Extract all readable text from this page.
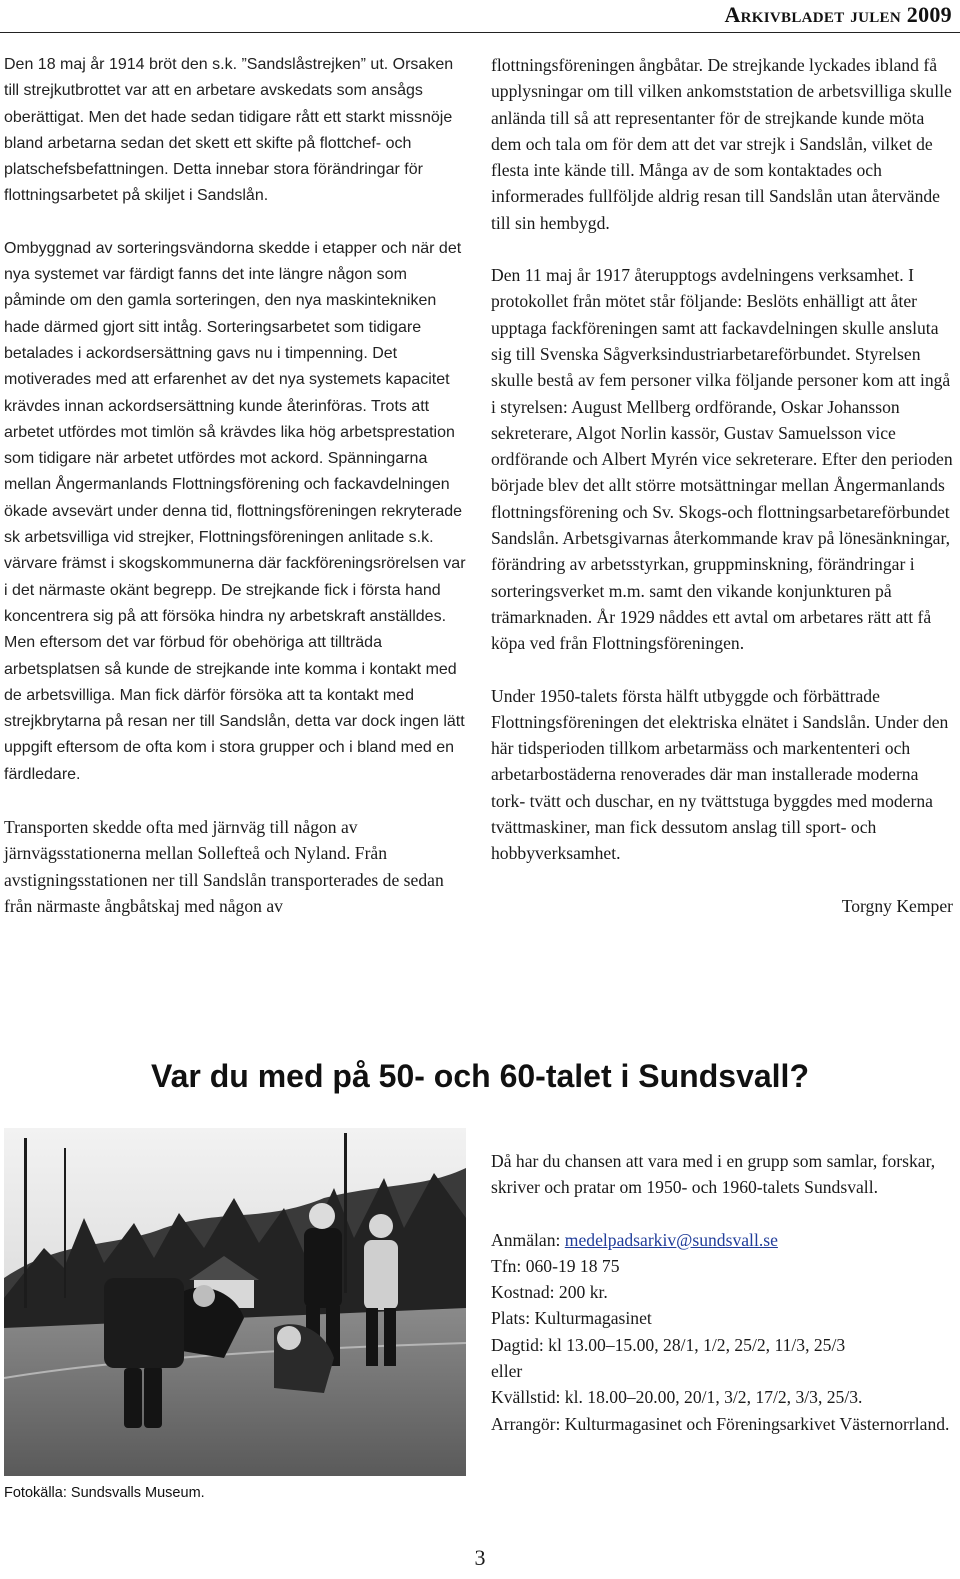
Arkivbladet julen 2009

Den 18 maj år 1914 bröt den s.k. ”Sandslåstrejken” ut. Orsaken till strejkutbrottet var att en arbetare avskedats som ansågs oberättigat. Men det hade sedan tidigare rått ett starkt missnöje bland arbetarna sedan det skett ett skifte på flottchef- och platschefsbefattningen. Detta innebar stora förändringar för flottningsarbetet på skiljet i Sandslån.

Ombyggnad av sorteringsvändorna skedde i etapper och när det nya systemet var färdigt fanns det inte längre någon som påminde om den gamla sorteringen, den nya maskintekniken hade därmed gjort sitt intåg. Sorteringsarbetet som tidigare betalades i ackordsersättning gavs nu i timpenning. Det motiverades med att erfarenhet av det nya systemets kapacitet krävdes innan ackordsersättning kunde återinföras. Trots att arbetet utfördes mot timlön så krävdes lika hög arbetsprestation som tidigare när arbetet utfördes mot ackord. Spänningarna mellan Ångermanlands Flottningsförening och fackavdelningen ökade avsevärt under denna tid, flottningsföreningen rekryterade sk arbetsvilliga vid strejker, Flottningsföreningen anlitade s.k. värvare främst i skogskommunerna där fackföreningsrörelsen var i det närmaste okänt begrepp. De strejkande fick i första hand koncentrera sig på att försöka hindra ny arbetskraft anställdes. Men eftersom det var förbud för obehöriga att tillträda arbetsplatsen så kunde de strejkande inte komma i kontakt med de arbetsvilliga. Man fick därför försöka att ta kontakt med strejkbrytarna på resan ner till Sandslån, detta var dock ingen lätt uppgift eftersom de ofta kom i stora grupper och i bland med en färdledare.

Transporten skedde ofta med järnväg till någon av järnvägsstationerna mellan Sollefteå och Nyland. Från avstigningsstationen ner till Sandslån transporterades de sedan från närmaste ångbåtskaj med någon av

flottningsföreningen ångbåtar. De strejkande lyckades ibland få upplysningar om till vilken ankomststation de arbetsvilliga skulle anlända till så att representanter för de strejkande kunde möta dem och tala om för dem att det var strejk i Sandslån, vilket de flesta inte kände till. Många av de som kontaktades och informerades fullföljde aldrig resan till Sandslån utan återvände till sin hembygd.

Den 11 maj år 1917 återupptogs avdelningens verksamhet. I protokollet från mötet står följande: Beslöts enhälligt att åter upptaga fackföreningen samt att fackavdelningen skulle ansluta sig till Svenska Sågverksindustriarbetareförbundet. Styrelsen skulle bestå av fem personer vilka följande personer kom att ingå i styrelsen: August Mellberg ordförande, Oskar Johansson sekreterare, Algot Norlin kassör, Gustav Samuelsson vice ordförande och Albert Myrén vice sekreterare. Efter den perioden började blev det allt större motsättningar mellan Ångermanlands flottningsförening och Sv. Skogs-och flottningsarbetareförbundet Sandslån. Arbetsgivarnas återkommande krav på lönesänkningar, förändring av arbetsstyrkan, gruppminskning, förändringar i sorteringsverket m.m. samt den vikande konjunkturen på trämarknaden. År 1929 nåddes ett avtal om arbetares rätt att få köpa ved från Flottningsföreningen.

Under 1950-talets första hälft utbyggde och förbättrade Flottningsföreningen det elektriska elnätet i Sandslån. Under den här tidsperioden tillkom arbetarmäss och markententeri och arbetarbostäderna renoverades där man installerade moderna tork- tvätt och duschar, en ny tvättstuga byggdes med moderna tvättmaskiner, man fick dessutom anslag till sport- och hobbyverksamhet.

Torgny Kemper

Var du med på 50- och 60-talet i Sundsvall?
Fotokälla: Sundsvalls Museum.

Då har du chansen att vara med i en grupp som samlar, forskar, skriver och pratar om 1950- och 1960-talets Sundsvall.

Anmälan: medelpadsarkiv@sundsvall.se
Tfn: 060-19 18 75
Kostnad: 200 kr.
Plats: Kulturmagasinet
Dagtid: kl 13.00–15.00, 28/1, 1/2, 25/2, 11/3, 25/3
eller
Kvällstid: kl. 18.00–20.00, 20/1, 3/2, 17/2, 3/3, 25/3.
Arrangör: Kulturmagasinet och Föreningsarkivet Västernorrland.
3
